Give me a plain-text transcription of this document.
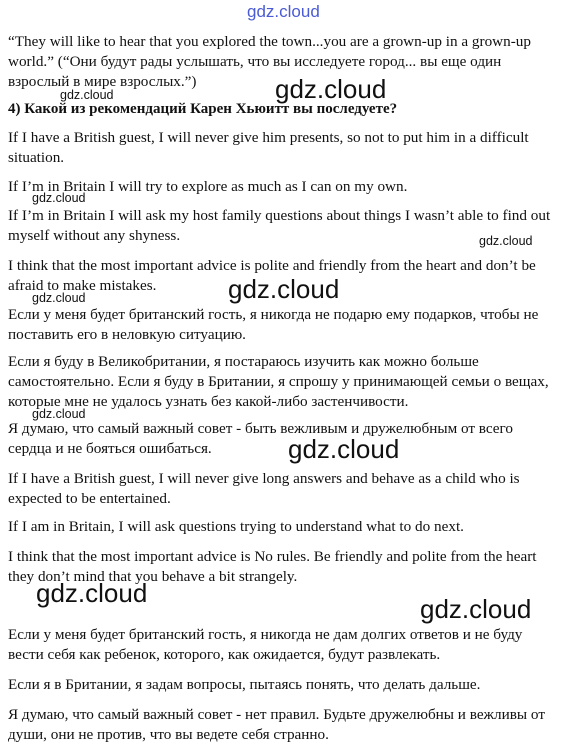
gdz.cloud

“They will like to hear that you explored the town...you are a grown-up in a grown-up world.” (“Они будут рады услышать, что вы исследуете город... вы еще один взрослый в мире взрослых.”)

4) Какой из рекомендаций Карен Хьюитт вы последуете?

If I have a British guest, I will never give him presents, so not to put him in a difficult situation.

If I’m in Britain I will try to explore as much as I can on my own.

If I’m in Britain I will ask my host family questions about things I wasn’t able to find out myself without any shyness.

I think that the most important advice is polite and friendly from the heart and don’t be afraid to make mistakes.

Если у меня будет британский гость, я никогда не подарю ему подарков, чтобы не поставить его в неловкую ситуацию.

Если я буду в Великобритании, я постараюсь изучить как можно больше самостоятельно. Если я буду в Британии, я спрошу у принимающей семьи о вещах, которые мне не удалось узнать без какой-либо застенчивости.

Я думаю, что самый важный совет - быть вежливым и дружелюбным от всего сердца и не бояться ошибаться.

If I have a British guest, I will never give long answers and behave as a child who is expected to be entertained.

If I am in Britain, I will ask questions trying to understand what to do next.

I think that the most important advice is No rules. Be friendly and polite from the heart they don’t mind that you behave a bit strangely.

Если у меня будет британский гость, я никогда не дам долгих ответов и не буду вести себя как ребенок, которого, как ожидается, будут развлекать.

Если я в Британии, я задам вопросы, пытаясь понять, что делать дальше.

Я думаю, что самый важный совет - нет правил. Будьте дружелюбны и вежливы от души, они не против, что вы ведете себя странно.

gdz.cloud	gdz.cloud
gdz.cloud
gdz.cloud
gdz.cloud
gdz.cloud
gdz.cloud
gdz.cloud
gdz.cloud
gdz.cloud
